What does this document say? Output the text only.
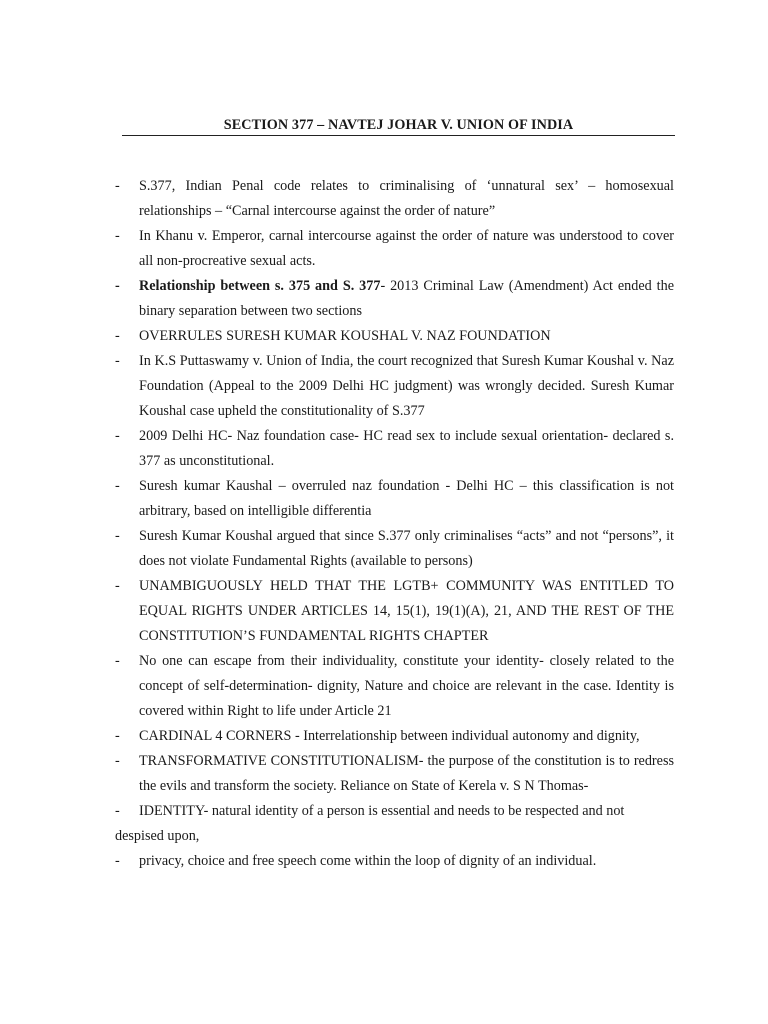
SECTION 377 – NAVTEJ JOHAR V. UNION OF INDIA
- S.377, Indian Penal code relates to criminalising of ‘unnatural sex’ – homosexual relationships – “Carnal intercourse against the order of nature”
- In Khanu v. Emperor, carnal intercourse against the order of nature was understood to cover all non-procreative sexual acts.
- Relationship between s. 375 and S. 377- 2013 Criminal Law (Amendment) Act ended the binary separation between two sections
- OVERRULES SURESH KUMAR KOUSHAL V. NAZ FOUNDATION
- In K.S Puttaswamy v. Union of India, the court recognized that Suresh Kumar Koushal v. Naz Foundation (Appeal to the 2009 Delhi HC judgment) was wrongly decided. Suresh Kumar Koushal case upheld the constitutionality of S.377
- 2009 Delhi HC- Naz foundation case- HC read sex to include sexual orientation- declared s. 377 as unconstitutional.
- Suresh kumar Kaushal – overruled naz foundation - Delhi HC – this classification is not arbitrary, based on intelligible differentia
- Suresh Kumar Koushal argued that since S.377 only criminalises “acts” and not “persons”, it does not violate Fundamental Rights (available to persons)
- UNAMBIGUOUSLY HELD THAT THE LGTB+ COMMUNITY WAS ENTITLED TO EQUAL RIGHTS UNDER ARTICLES 14, 15(1), 19(1)(A), 21, AND THE REST OF THE CONSTITUTION’S FUNDAMENTAL RIGHTS CHAPTER
- No one can escape from their individuality, constitute your identity- closely related to the concept of self-determination- dignity, Nature and choice are relevant in the case. Identity is covered within Right to life under Article 21
- CARDINAL 4 CORNERS - Interrelationship between individual autonomy and dignity,
- TRANSFORMATIVE CONSTITUTIONALISM- the purpose of the constitution is to redress the evils and transform the society. Reliance on State of Kerela v. S N Thomas-
- IDENTITY- natural identity of a person is essential and needs to be respected and not
despised upon,
- privacy, choice and free speech come within the loop of dignity of an individual.
